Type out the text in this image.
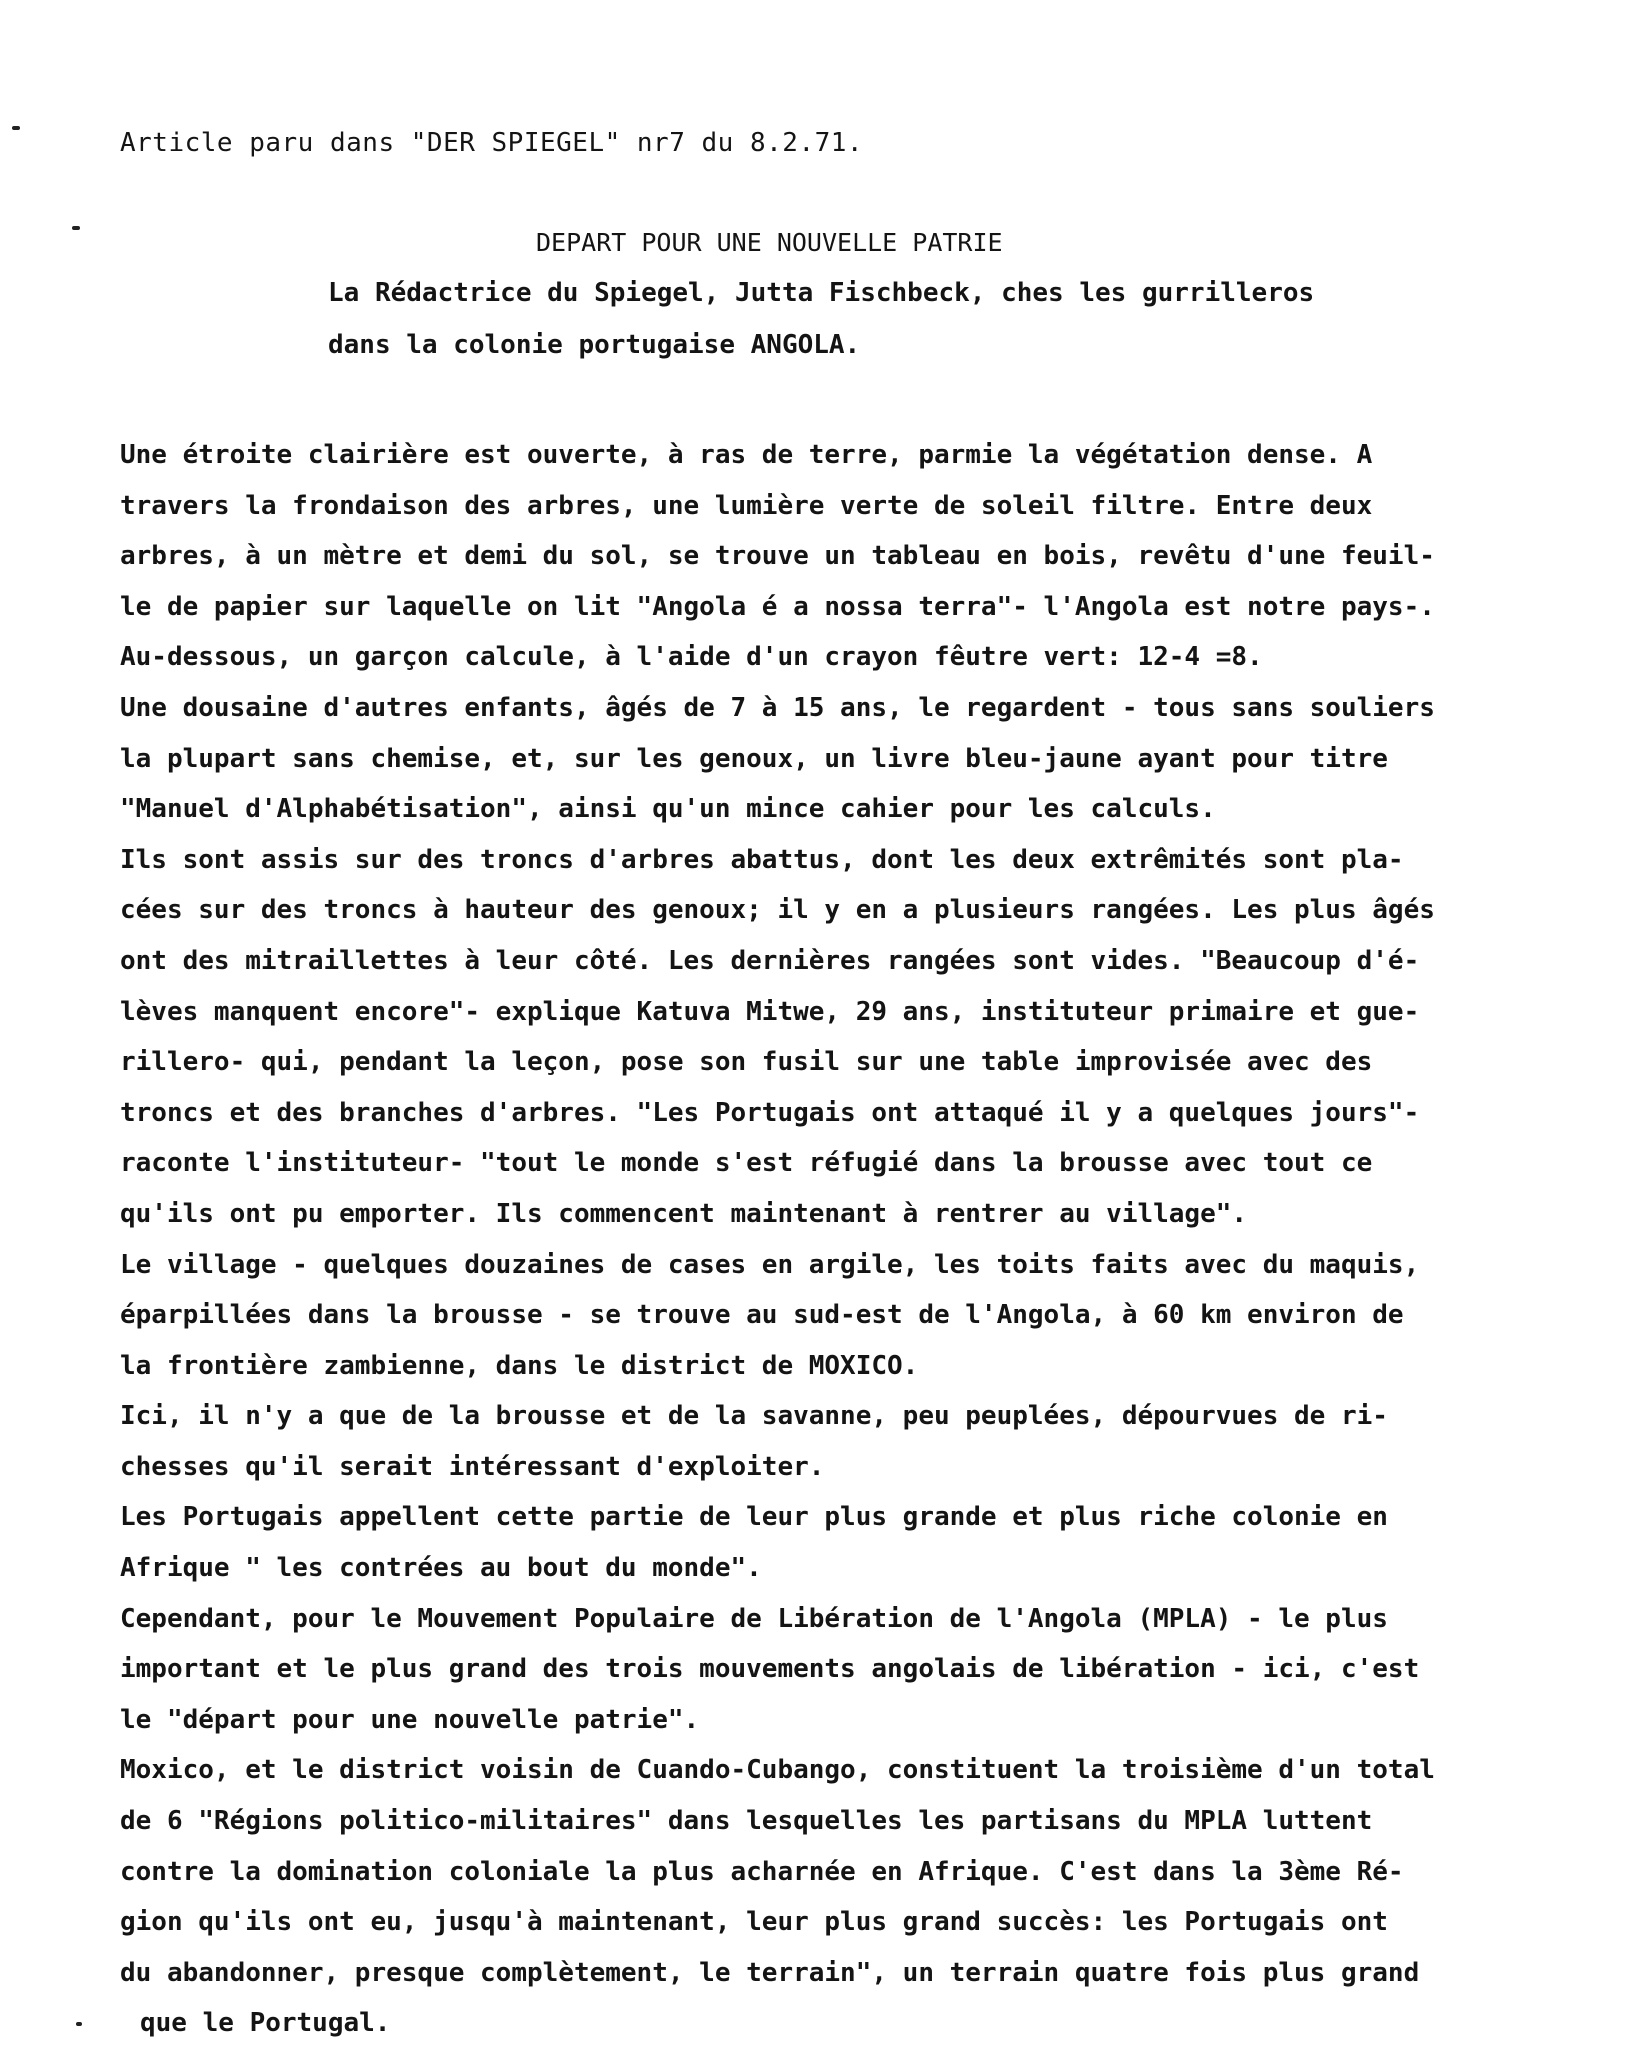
Article paru dans "DER SPIEGEL" nr7 du 8.2.71.
DEPART POUR UNE NOUVELLE PATRIE
La Rédactrice du Spiegel, Jutta Fischbeck, ches les gurrilleros
dans la colonie portugaise ANGOLA.
Une étroite clairière est ouverte, à ras de terre, parmie la végétation dense. A
travers la frondaison des arbres, une lumière verte de soleil filtre. Entre deux
arbres, à un mètre et demi du sol, se trouve un tableau en bois, revêtu d'une feuil-
le de papier sur laquelle on lit "Angola é a nossa terra"- l'Angola est notre pays-.
Au-dessous, un garçon calcule, à l'aide d'un crayon fêutre vert: 12-4 =8.
Une dousaine d'autres enfants, âgés de 7 à 15 ans, le regardent - tous sans souliers
la plupart sans chemise, et, sur les genoux, un livre bleu-jaune ayant pour titre
"Manuel d'Alphabétisation", ainsi qu'un mince cahier pour les calculs.
Ils sont assis sur des troncs d'arbres abattus, dont les deux extrêmités sont pla-
cées sur des troncs à hauteur des genoux; il y en a plusieurs rangées. Les plus âgés
ont des mitraillettes à leur côté. Les dernières rangées sont vides. "Beaucoup d'é-
lèves manquent encore"- explique Katuva Mitwe, 29 ans, instituteur primaire et gue-
rillero- qui, pendant la leçon, pose son fusil sur une table improvisée avec des
troncs et des branches d'arbres. "Les Portugais ont attaqué il y a quelques jours"-
raconte l'instituteur- "tout le monde s'est réfugié dans la brousse avec tout ce
qu'ils ont pu emporter. Ils commencent maintenant à rentrer au village".
Le village - quelques douzaines de cases en argile, les toits faits avec du maquis,
éparpillées dans la brousse - se trouve au sud-est de l'Angola, à 60 km environ de
la frontière zambienne, dans le district de MOXICO.
Ici, il n'y a que de la brousse et de la savanne, peu peuplées, dépourvues de ri-
chesses qu'il serait intéressant d'exploiter.
Les Portugais appellent cette partie de leur plus grande et plus riche colonie en
Afrique " les contrées au bout du monde".
Cependant, pour le Mouvement Populaire de Libération de l'Angola (MPLA) - le plus
important et le plus grand des trois mouvements angolais de libération - ici, c'est
le "départ pour une nouvelle patrie".
Moxico, et le district voisin de Cuando-Cubango, constituent la troisième d'un total
de 6 "Régions politico-militaires" dans lesquelles les partisans du MPLA luttent
contre la domination coloniale la plus acharnée en Afrique. C'est dans la 3ème Ré-
gion qu'ils ont eu, jusqu'à maintenant, leur plus grand succès: les Portugais ont
du abandonner, presque complètement, le terrain", un terrain quatre fois plus grand
que le Portugal.
